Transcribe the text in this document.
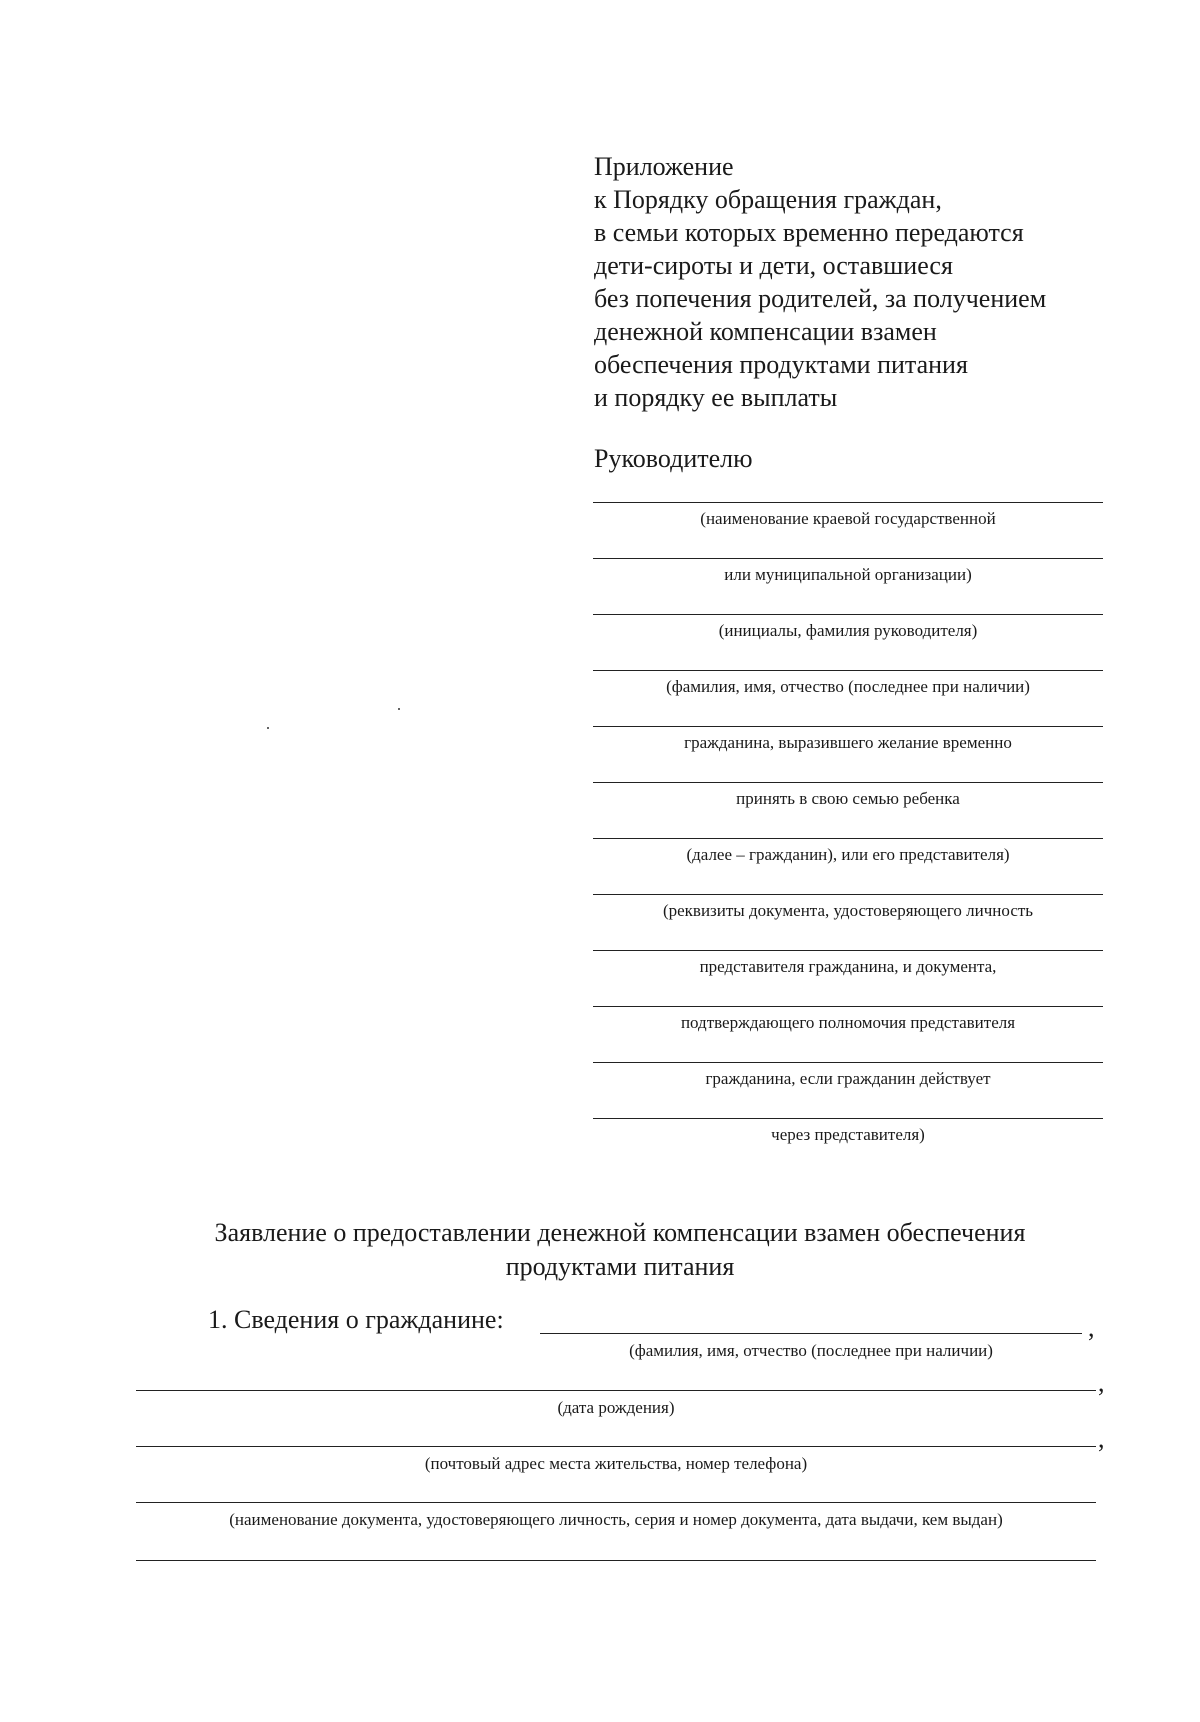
Приложение
к Порядку обращения граждан,
в семьи которых временно передаются
дети-сироты и дети, оставшиеся
без попечения родителей, за получением
денежной компенсации взамен
обеспечения продуктами питания
и порядку ее выплаты
Руководителю
(наименование краевой государственной
или муниципальной организации)
(инициалы, фамилия руководителя)
(фамилия, имя, отчество (последнее при наличии)
гражданина, выразившего желание временно
принять в свою семью ребенка
(далее – гражданин), или его представителя)
(реквизиты документа, удостоверяющего личность
представителя гражданина, и документа,
подтверждающего полномочия представителя
гражданина, если гражданин действует
через представителя)
Заявление о предоставлении денежной компенсации взамен обеспечения
продуктами питания
1. Сведения о гражданине:	,
(фамилия, имя, отчество (последнее при наличии)
,
(дата рождения)
,
(почтовый адрес места жительства, номер телефона)
(наименование документа, удостоверяющего личность, серия и номер документа, дата выдачи, кем выдан)
